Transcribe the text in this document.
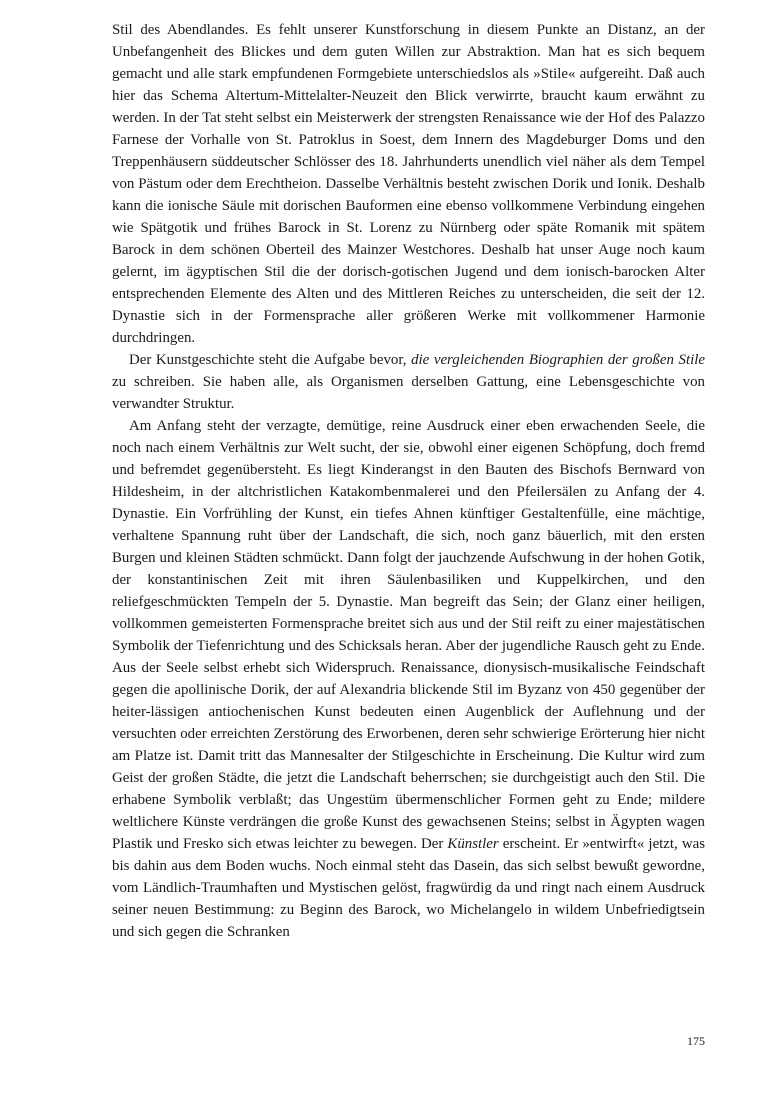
Stil des Abendlandes. Es fehlt unserer Kunstforschung in diesem Punkte an Distanz, an der Unbefangenheit des Blickes und dem guten Willen zur Abstraktion. Man hat es sich bequem gemacht und alle stark empfundenen Formgebiete unterschiedslos als »Stile« aufgereiht. Daß auch hier das Schema Altertum-Mittelalter-Neuzeit den Blick verwirrte, braucht kaum erwähnt zu werden. In der Tat steht selbst ein Meisterwerk der strengsten Renaissance wie der Hof des Palazzo Farnese der Vorhalle von St. Patroklus in Soest, dem Innern des Magdeburger Doms und den Treppenhäusern süddeutscher Schlösser des 18. Jahrhunderts unendlich viel näher als dem Tempel von Pästum oder dem Erechtheion. Dasselbe Verhältnis besteht zwischen Dorik und Ionik. Deshalb kann die ionische Säule mit dorischen Bauformen eine ebenso vollkommene Verbindung eingehen wie Spätgotik und frühes Barock in St. Lorenz zu Nürnberg oder späte Romanik mit spätem Barock in dem schönen Oberteil des Mainzer Westchores. Deshalb hat unser Auge noch kaum gelernt, im ägyptischen Stil die der dorisch-gotischen Jugend und dem ionisch-barocken Alter entsprechenden Elemente des Alten und des Mittleren Reiches zu unterscheiden, die seit der 12. Dynastie sich in der Formensprache aller größeren Werke mit vollkommener Harmonie durchdringen.

Der Kunstgeschichte steht die Aufgabe bevor, die vergleichenden Biographien der großen Stile zu schreiben. Sie haben alle, als Organismen derselben Gattung, eine Lebensgeschichte von verwandter Struktur.

Am Anfang steht der verzagte, demütige, reine Ausdruck einer eben erwachenden Seele, die noch nach einem Verhältnis zur Welt sucht, der sie, obwohl einer eigenen Schöpfung, doch fremd und befremdet gegenübersteht. Es liegt Kinderangst in den Bauten des Bischofs Bernward von Hildesheim, in der altchristlichen Katakombenmalerei und den Pfeilersälen zu Anfang der 4. Dynastie. Ein Vorfrühling der Kunst, ein tiefes Ahnen künftiger Gestaltenfülle, eine mächtige, verhaltene Spannung ruht über der Landschaft, die sich, noch ganz bäuerlich, mit den ersten Burgen und kleinen Städten schmückt. Dann folgt der jauchzende Aufschwung in der hohen Gotik, der konstantinischen Zeit mit ihren Säulenbasiliken und Kuppelkirchen, und den reliefgeschmückten Tempeln der 5. Dynastie. Man begreift das Sein; der Glanz einer heiligen, vollkommen gemeisterten Formensprache breitet sich aus und der Stil reift zu einer majestätischen Symbolik der Tiefenrichtung und des Schicksals heran. Aber der jugendliche Rausch geht zu Ende. Aus der Seele selbst erhebt sich Widerspruch. Renaissance, dionysisch-musikalische Feindschaft gegen die apollinische Dorik, der auf Alexandria blickende Stil im Byzanz von 450 gegenüber der heiter-lässigen antiochenischen Kunst bedeuten einen Augenblick der Auflehnung und der versuchten oder erreichten Zerstörung des Erworbenen, deren sehr schwierige Erörterung hier nicht am Platze ist. Damit tritt das Mannesalter der Stilgeschichte in Erscheinung. Die Kultur wird zum Geist der großen Städte, die jetzt die Landschaft beherrschen; sie durchgeistigt auch den Stil. Die erhabene Symbolik verblaßt; das Ungestüm übermenschlicher Formen geht zu Ende; mildere weltlichere Künste verdrängen die große Kunst des gewachsenen Steins; selbst in Ägypten wagen Plastik und Fresko sich etwas leichter zu bewegen. Der Künstler erscheint. Er »entwirft« jetzt, was bis dahin aus dem Boden wuchs. Noch einmal steht das Dasein, das sich selbst bewußt gewordne, vom Ländlich-Traumhaften und Mystischen gelöst, fragwürdig da und ringt nach einem Ausdruck seiner neuen Bestimmung: zu Beginn des Barock, wo Michelangelo in wildem Unbefriedigtsein und sich gegen die Schranken

175
